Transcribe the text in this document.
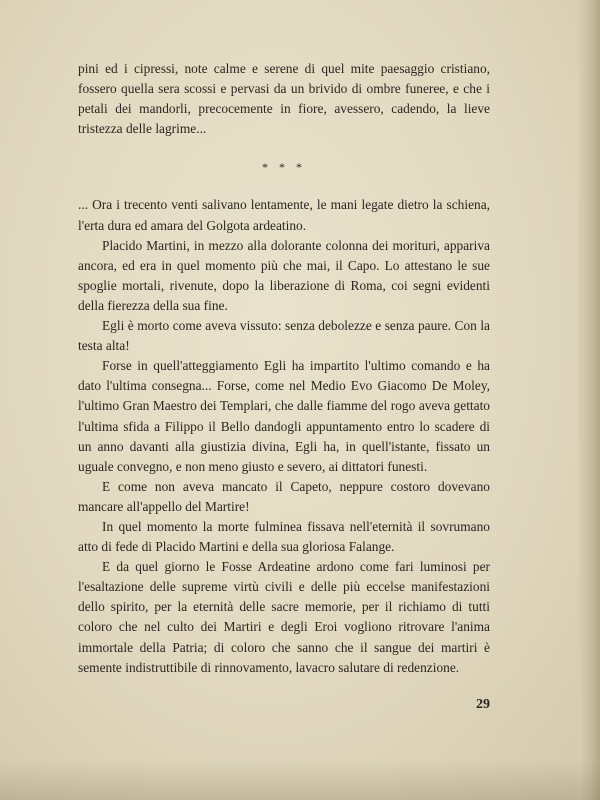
pini ed i cipressi, note calme e serene di quel mite paesaggio cristiano, fossero quella sera scossi e pervasi da un brivido di ombre funeree, e che i petali dei mandorli, precocemente in fiore, avessero, cadendo, la lieve tristezza delle lagrime...

* * *

... Ora i trecento venti salivano lentamente, le mani legate dietro la schiena, l'erta dura ed amara del Golgota ardeatino.

Placido Martini, in mezzo alla dolorante colonna dei morituri, appariva ancora, ed era in quel momento più che mai, il Capo. Lo attestano le sue spoglie mortali, rivenute, dopo la liberazione di Roma, coi segni evidenti della fierezza della sua fine.

Egli è morto come aveva vissuto: senza debolezze e senza paure. Con la testa alta!

Forse in quell'atteggiamento Egli ha impartito l'ultimo comando e ha dato l'ultima consegna... Forse, come nel Medio Evo Giacomo De Moley, l'ultimo Gran Maestro dei Templari, che dalle fiamme del rogo aveva gettato l'ultima sfida a Filippo il Bello dandogli appuntamento entro lo scadere di un anno davanti alla giustizia divina, Egli ha, in quell'istante, fissato un uguale convegno, e non meno giusto e severo, ai dittatori funesti.

E come non aveva mancato il Capeto, neppure costoro dovevano mancare all'appello del Martire!

In quel momento la morte fulminea fissava nell'eternità il sovrumano atto di fede di Placido Martini e della sua gloriosa Falange.

E da quel giorno le Fosse Ardeatine ardono come fari luminosi per l'esaltazione delle supreme virtù civili e delle più eccelse manifestazioni dello spirito, per la eternità delle sacre memorie, per il richiamo di tutti coloro che nel culto dei Martiri e degli Eroi vogliono ritrovare l'anima immortale della Patria; di coloro che sanno che il sangue dei martiri è semente indistruttibile di rinnovamento, lavacro salutare di redenzione.

29
